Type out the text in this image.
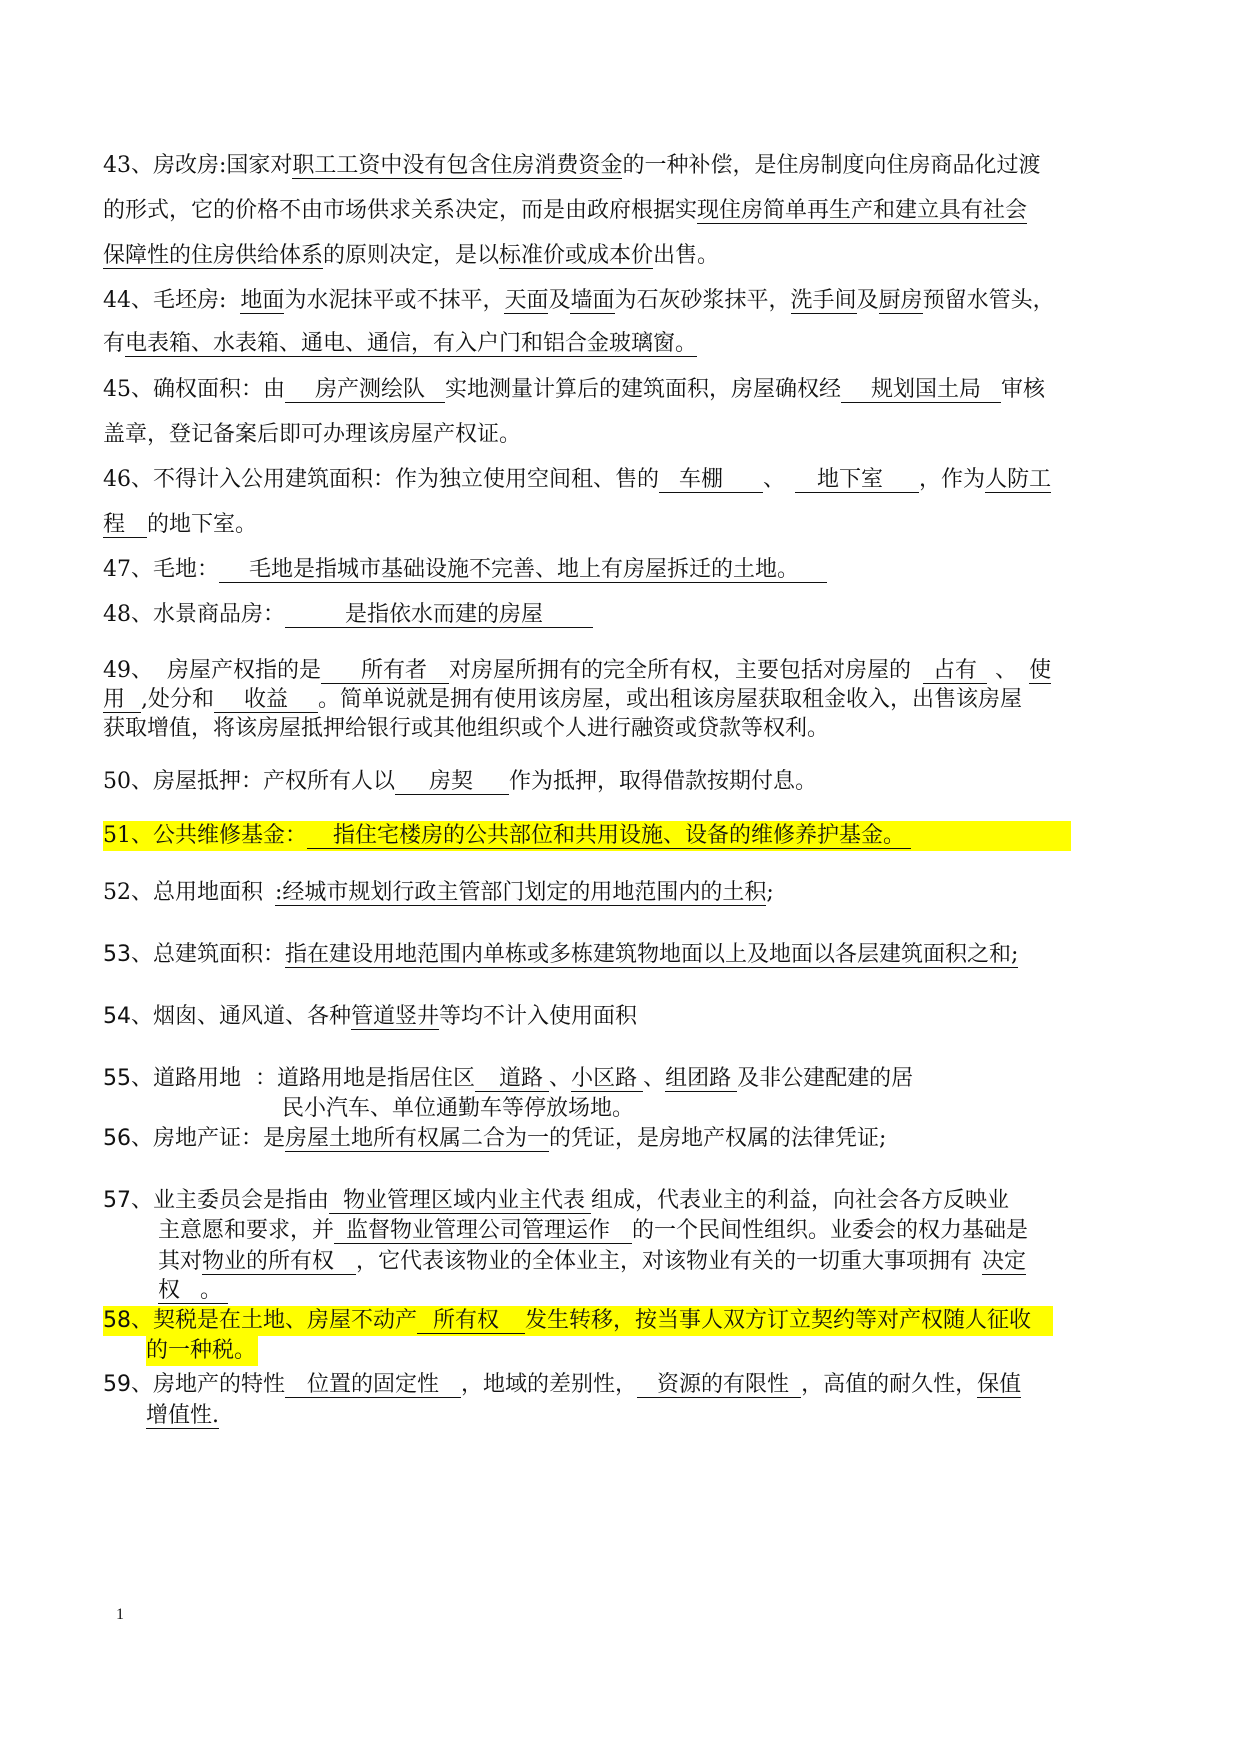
43、房改房:国家对职工工资中没有包含住房消费资金的一种补偿，是住房制度向住房商品化过渡
的形式，它的价格不由市场供求关系决定，而是由政府根据实现住房简单再生产和建立具有社会
保障性的住房供给体系的原则决定，是以标准价或成本价出售。
44、毛坯房: 地面为水泥抹平或不抹平，天面及墙面为石灰砂浆抹平，洗手间及厨房预留水管头，
有电表箱、水表箱、通电、通信，有入户门和铝合金玻璃窗。
45、确权面积：由 房产测绘队 实地测量计算后的建筑面积，房屋确权经 规划国土局 审核
盖章，登记备案后即可办理该房屋产权证。
46、不得计入公用建筑面积：作为独立使用空间租、售的 车棚 、 地下室 ，作为人防工
程 的地下室。
47、毛地： 毛地是指城市基础设施不完善、地上有房屋拆迁的土地。
48、水景商品房：	是指依水而建的房屋
49、 房屋产权指的是 所有者 对房屋所拥有的完全所有权，主要包括对房屋的 占有 、 使
用 ,处分和 收益 。简单说就是拥有使用该房屋，或出租该房屋获取租金收入，出售该房屋
获取增值，将该房屋抵押给银行或其他组织或个人进行融资或贷款等权利。
50、房屋抵押：产权所有人以 房契 作为抵押，取得借款按期付息。
51、公共维修基金： 指住宅楼房的公共部位和共用设施、设备的维修养护基金。
52、总用地面积 :经城市规划行政主管部门划定的用地范围内的土积;
53、总建筑面积：指在建设用地范围内单栋或多栋建筑物地面以上及地面以各层建筑面积之和;
54、烟囱、通风道、各种管道竖井等均不计入使用面积
55、道路用地 ：道路用地是指居住区 道路 、小区路 、组团路 及非公建配建的居
民小汽车、单位通勤车等停放场地。
56、房地产证：是房屋土地所有权属二合为一的凭证，是房地产权属的法律凭证;
57、业主委员会是指由 物业管理区域内业主代表 组成，代表业主的利益，向社会各方反映业
主意愿和要求，并 监督物业管理公司管理运作 的一个民间性组织。业委会的权力基础是
其对物业的所有权 ，它代表该物业的全体业主，对该物业有关的一切重大事项拥有 决定
权 。
58、契税是在土地、房屋不动产 所有权 发生转移，按当事人双方订立契约等对产权随人征收
的一种税。
59、房地产的特性 位置的固定性 ，地域的差别性， 资源的有限性 ，高值的耐久性，保值
增值性.
1
